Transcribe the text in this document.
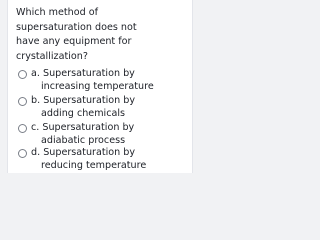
Which method of
supersaturation does not
have any equipment for
crystallization?
a. Supersaturation by
increasing temperature
b. Supersaturation by
adding chemicals
c. Supersaturation by
adiabatic process
d. Supersaturation by
reducing temperature
